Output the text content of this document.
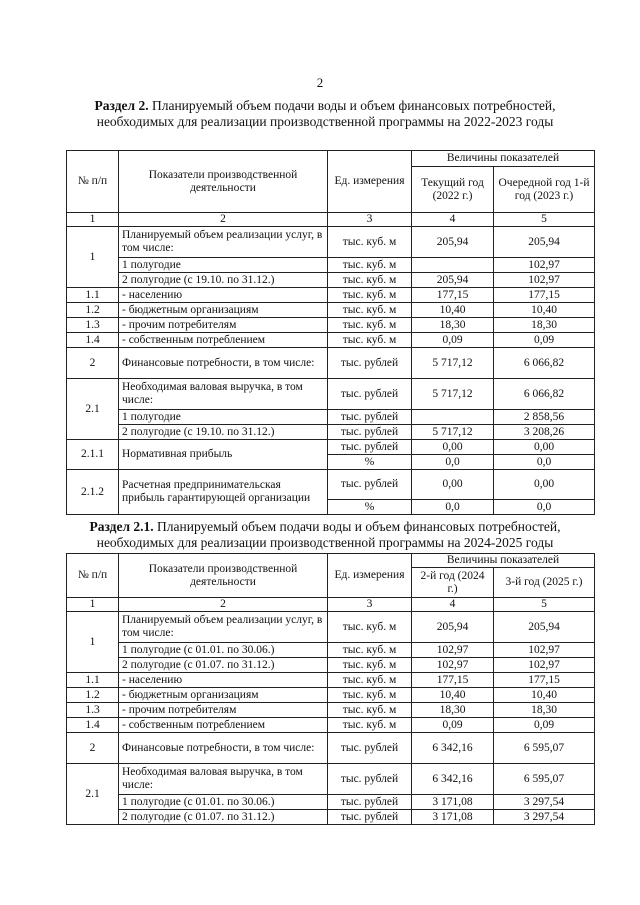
2
Раздел 2. Планируемый объем подачи воды и объем финансовых потребностей, необходимых для реализации производственной программы на 2022-2023 годы
№ п/п	Показатели производственной деятельности	Ед. измерения	Величины показателей	
			Текущий год (2022 г.)	Очередной год 1-й год (2023 г.)
1	2	3	4	5
1	Планируемый объем реализации услуг, в том числе:	тыс. куб. м	205,94	205,94
	1 полугодие	тыс. куб. м		102,97
	2 полугодие (с 19.10. по 31.12.)	тыс. куб. м	205,94	102,97
1.1	- населению	тыс. куб. м	177,15	177,15
1.2	- бюджетным организациям	тыс. куб. м	10,40	10,40
1.3	- прочим потребителям	тыс. куб. м	18,30	18,30
1.4	- собственным потреблением	тыс. куб. м	0,09	0,09
2	Финансовые потребности, в том числе:	тыс. рублей	5 717,12	6 066,82
2.1	Необходимая валовая выручка, в том числе:	тыс. рублей	5 717,12	6 066,82
	1 полугодие	тыс. рублей		2 858,56
	2 полугодие (с 19.10. по 31.12.)	тыс. рублей	5 717,12	3 208,26
2.1.1	Нормативная прибыль	тыс. рублей	0,00	0,00
		%	0,0	0,0
2.1.2	Расчетная предпринимательская прибыль гарантирующей организации	тыс. рублей	0,00	0,00
		%	0,0	0,0
Раздел 2.1. Планируемый объем подачи воды и объем финансовых потребностей, необходимых для реализации производственной программы на 2024-2025 годы
№ п/п	Показатели производственной деятельности	Ед. измерения	Величины показателей	
			2-й год (2024 г.)	3-й год (2025 г.)
1	2	3	4	5
1	Планируемый объем реализации услуг, в том числе:	тыс. куб. м	205,94	205,94
	1 полугодие (с 01.01. по 30.06.)	тыс. куб. м	102,97	102,97
	2 полугодие (с 01.07. по 31.12.)	тыс. куб. м	102,97	102,97
1.1	- населению	тыс. куб. м	177,15	177,15
1.2	- бюджетным организациям	тыс. куб. м	10,40	10,40
1.3	- прочим потребителям	тыс. куб. м	18,30	18,30
1.4	- собственным потреблением	тыс. куб. м	0,09	0,09
2	Финансовые потребности, в том числе:	тыс. рублей	6 342,16	6 595,07
2.1	Необходимая валовая выручка, в том числе:	тыс. рублей	6 342,16	6 595,07
	1 полугодие (с 01.01. по 30.06.)	тыс. рублей	3 171,08	3 297,54
	2 полугодие (с 01.07. по 31.12.)	тыс. рублей	3 171,08	3 297,54
